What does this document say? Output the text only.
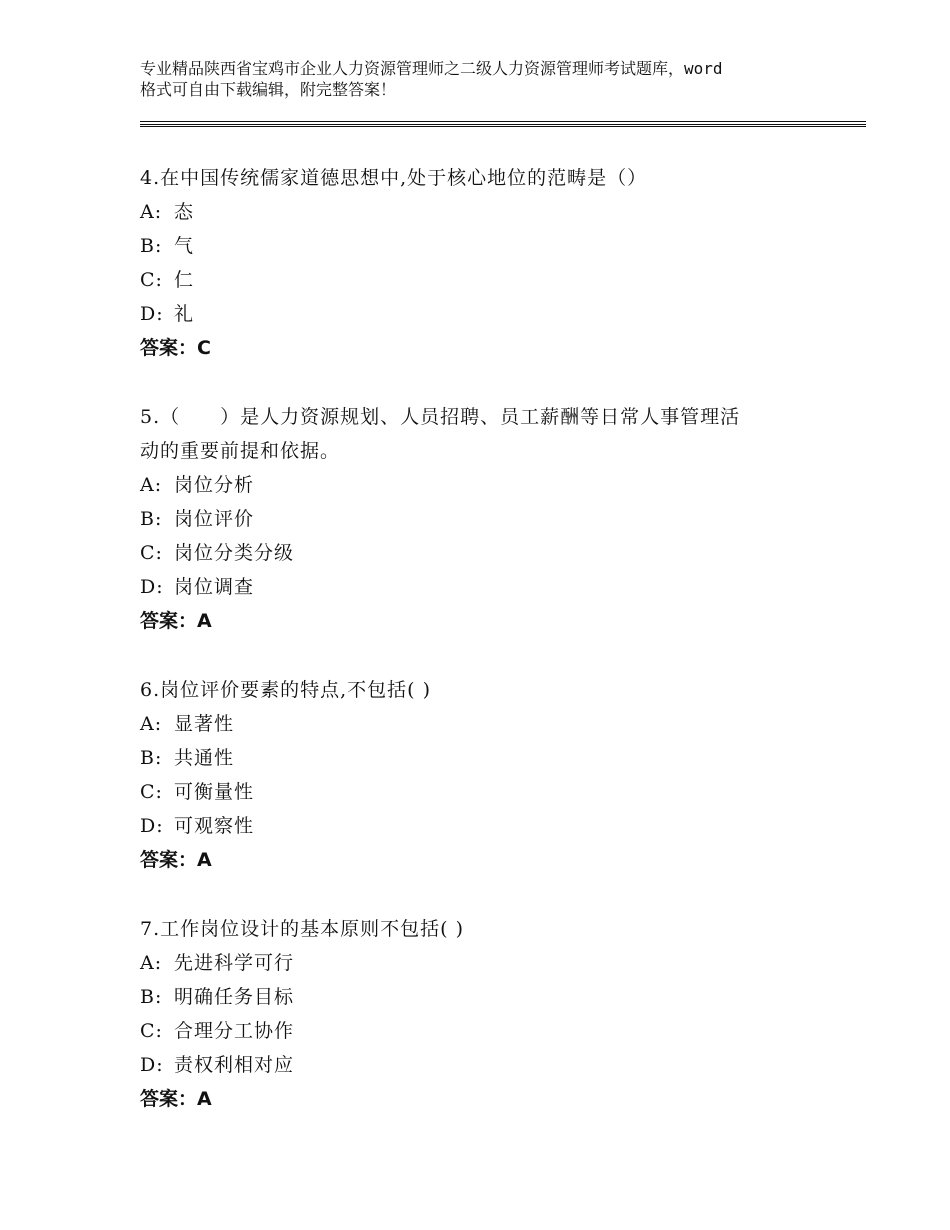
专业精品陕西省宝鸡市企业人力资源管理师之二级人力资源管理师考试题库，word
格式可自由下载编辑，附完整答案！
4.在中国传统儒家道德思想中,处于核心地位的范畴是（）
A: 态
B: 气
C: 仁
D: 礼
答案：C
5.（　　）是人力资源规划、人员招聘、员工薪酬等日常人事管理活
动的重要前提和依据。
A: 岗位分析
B: 岗位评价
C: 岗位分类分级
D: 岗位调查
答案：A
6.岗位评价要素的特点,不包括( )
A: 显著性
B: 共通性
C: 可衡量性
D: 可观察性
答案：A
7.工作岗位设计的基本原则不包括( )
A: 先进科学可行
B: 明确任务目标
C: 合理分工协作
D: 责权利相对应
答案：A
